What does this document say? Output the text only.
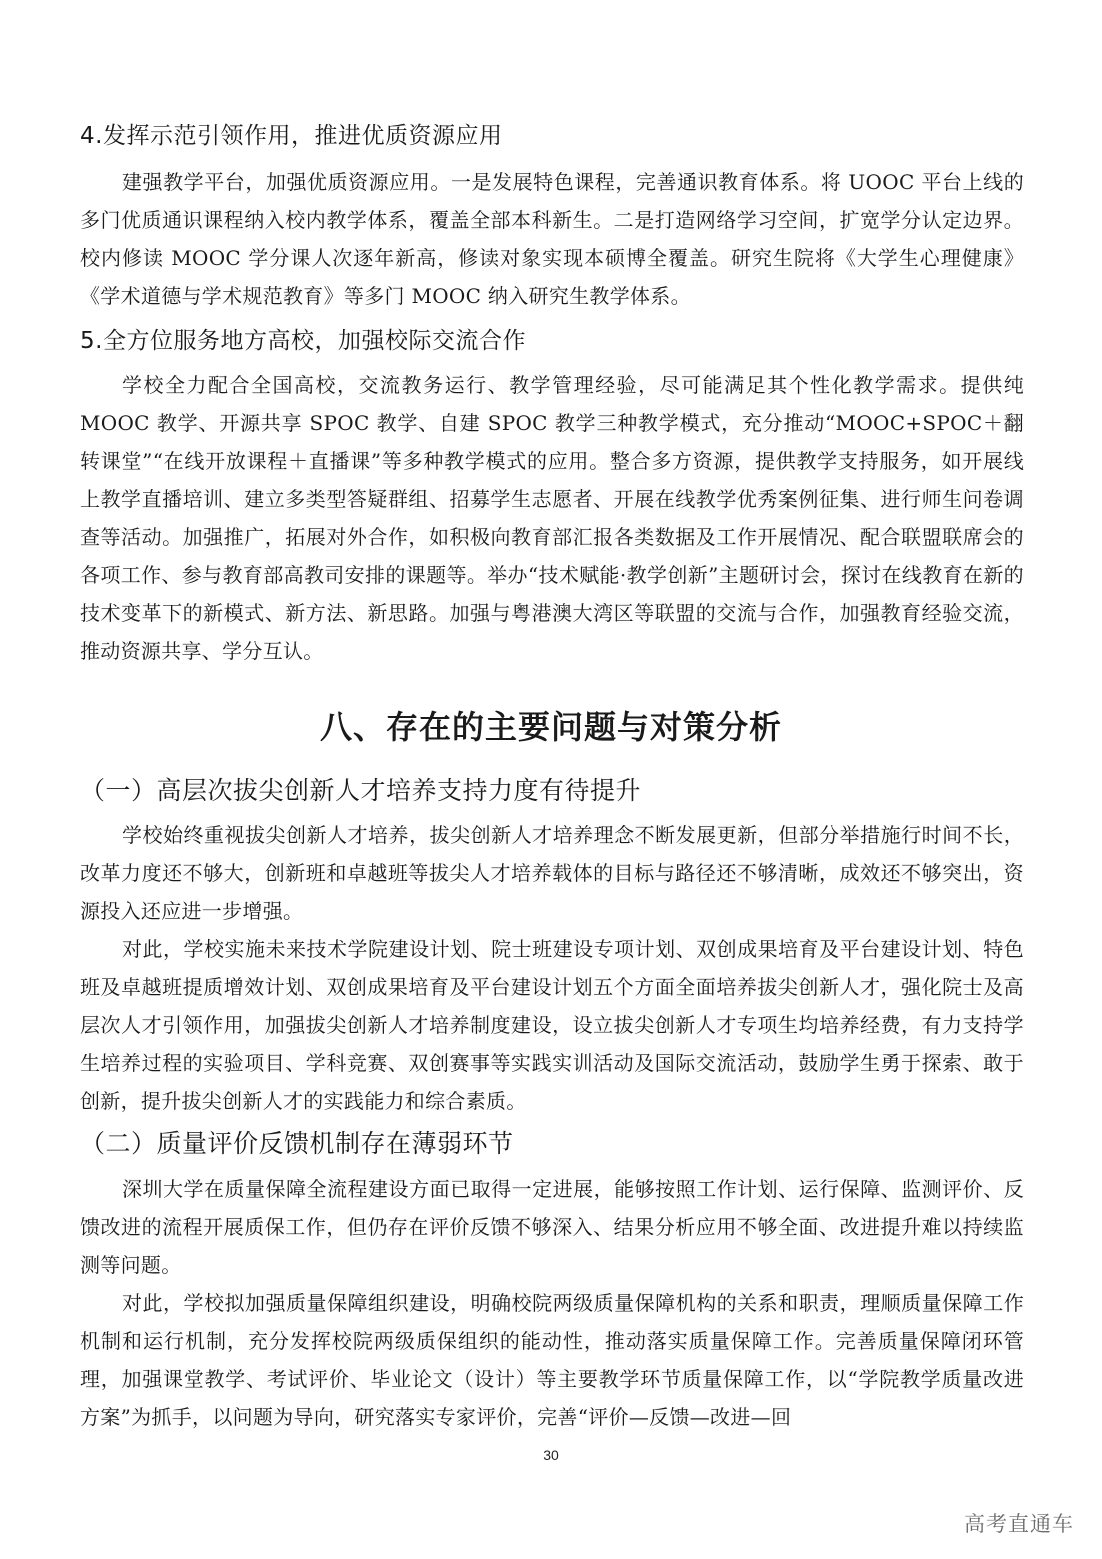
4.发挥示范引领作用，推进优质资源应用

建强教学平台，加强优质资源应用。一是发展特色课程，完善通识教育体系。将 UOOC 平台上线的多门优质通识课程纳入校内教学体系，覆盖全部本科新生。二是打造网络学习空间，扩宽学分认定边界。校内修读 MOOC 学分课人次逐年新高，修读对象实现本硕博全覆盖。研究生院将《大学生心理健康》《学术道德与学术规范教育》等多门 MOOC 纳入研究生教学体系。

5.全方位服务地方高校，加强校际交流合作

学校全力配合全国高校，交流教务运行、教学管理经验，尽可能满足其个性化教学需求。提供纯 MOOC 教学、开源共享 SPOC 教学、自建 SPOC 教学三种教学模式，充分推动“MOOC+SPOC＋翻转课堂”“在线开放课程＋直播课”等多种教学模式的应用。整合多方资源，提供教学支持服务，如开展线上教学直播培训、建立多类型答疑群组、招募学生志愿者、开展在线教学优秀案例征集、进行师生问卷调查等活动。加强推广，拓展对外合作，如积极向教育部汇报各类数据及工作开展情况、配合联盟联席会的各项工作、参与教育部高教司安排的课题等。举办“技术赋能·教学创新”主题研讨会，探讨在线教育在新的技术变革下的新模式、新方法、新思路。加强与粤港澳大湾区等联盟的交流与合作，加强教育经验交流，推动资源共享、学分互认。

八、存在的主要问题与对策分析
（一）高层次拔尖创新人才培养支持力度有待提升

学校始终重视拔尖创新人才培养，拔尖创新人才培养理念不断发展更新，但部分举措施行时间不长，改革力度还不够大，创新班和卓越班等拔尖人才培养载体的目标与路径还不够清晰，成效还不够突出，资源投入还应进一步增强。

对此，学校实施未来技术学院建设计划、院士班建设专项计划、双创成果培育及平台建设计划、特色班及卓越班提质增效计划、双创成果培育及平台建设计划五个方面全面培养拔尖创新人才，强化院士及高层次人才引领作用，加强拔尖创新人才培养制度建设，设立拔尖创新人才专项生均培养经费，有力支持学生培养过程的实验项目、学科竞赛、双创赛事等实践实训活动及国际交流活动，鼓励学生勇于探索、敢于创新，提升拔尖创新人才的实践能力和综合素质。

（二）质量评价反馈机制存在薄弱环节

深圳大学在质量保障全流程建设方面已取得一定进展，能够按照工作计划、运行保障、监测评价、反馈改进的流程开展质保工作，但仍存在评价反馈不够深入、结果分析应用不够全面、改进提升难以持续监测等问题。

对此，学校拟加强质量保障组织建设，明确校院两级质量保障机构的关系和职责，理顺质量保障工作机制和运行机制，充分发挥校院两级质保组织的能动性，推动落实质量保障工作。完善质量保障闭环管理，加强课堂教学、考试评价、毕业论文（设计）等主要教学环节质量保障工作，以“学院教学质量改进方案”为抓手，以问题为导向，研究落实专家评价，完善“评价—反馈—改进—回

30
高考直通车
